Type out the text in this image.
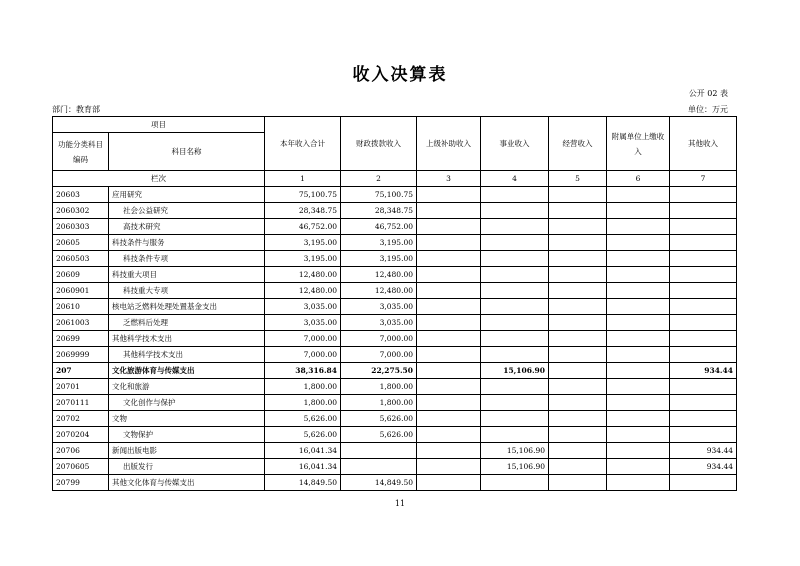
收入决算表
公开 02 表
部门：教育部	单位：万元
项目		本年收入合计	财政拨款收入	上级补助收入	事业收入	经营收入	附属单位上缴收入	其他收入
功能分类科目编码	科目名称							
栏次		1	2	3	4	5	6	7
20603	应用研究	75,100.75	75,100.75					
2060302	社会公益研究	28,348.75	28,348.75					
2060303	高技术研究	46,752.00	46,752.00					
20605	科技条件与服务	3,195.00	3,195.00					
2060503	科技条件专项	3,195.00	3,195.00					
20609	科技重大项目	12,480.00	12,480.00					
2060901	科技重大专项	12,480.00	12,480.00					
20610	核电站乏燃料处理处置基金支出	3,035.00	3,035.00					
2061003	乏燃料后处理	3,035.00	3,035.00					
20699	其他科学技术支出	7,000.00	7,000.00					
2069999	其他科学技术支出	7,000.00	7,000.00					
207	文化旅游体育与传媒支出	38,316.84	22,275.50		15,106.90			934.44
20701	文化和旅游	1,800.00	1,800.00					
2070111	文化创作与保护	1,800.00	1,800.00					
20702	文物	5,626.00	5,626.00					
2070204	文物保护	5,626.00	5,626.00					
20706	新闻出版电影	16,041.34			15,106.90			934.44
2070605	出版发行	16,041.34			15,106.90			934.44
20799	其他文化体育与传媒支出	14,849.50	14,849.50					
11
